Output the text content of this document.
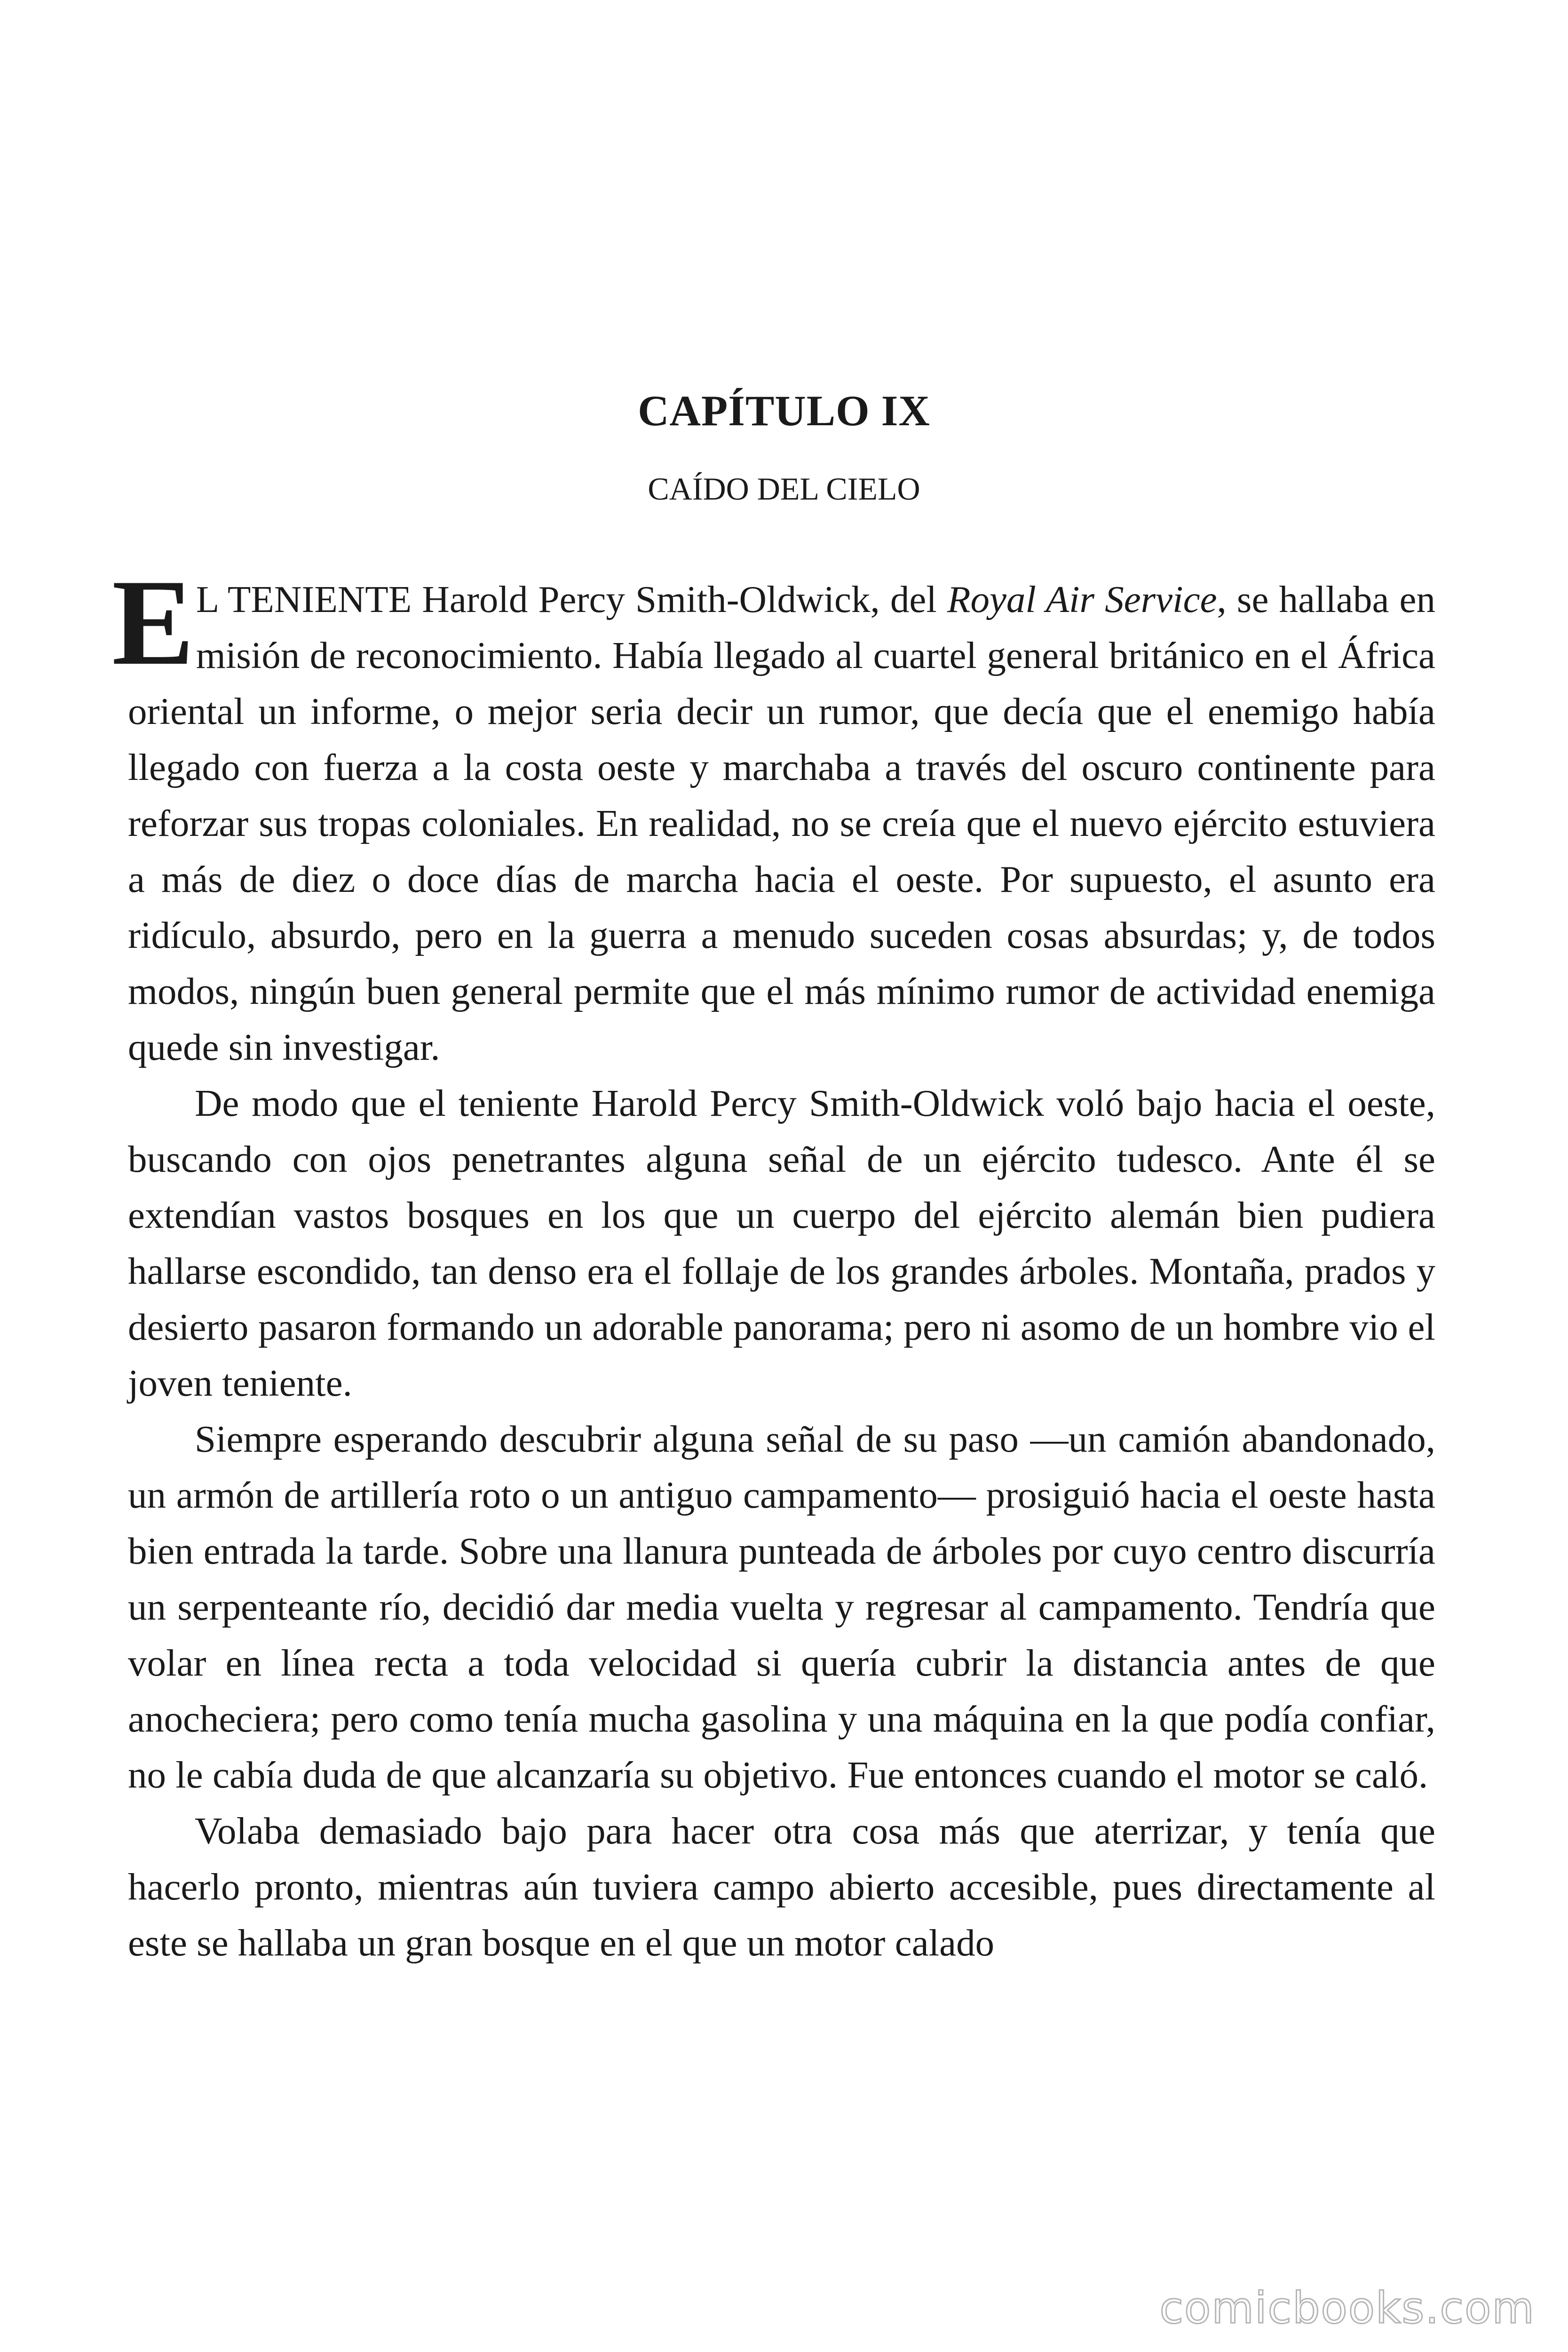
CAPÍTULO IX
CAÍDO DEL CIELO

E L TENIENTE Harold Percy Smith-Oldwick, del Royal Air Service, se hallaba en misión de reconocimiento. Había llegado al cuartel general británico en el África oriental un informe, o mejor seria decir un rumor, que decía que el enemigo había llegado con fuerza a la costa oeste y marchaba a través del oscuro continente para reforzar sus tropas coloniales. En realidad, no se creía que el nuevo ejército estuviera a más de diez o doce días de marcha hacia el oeste. Por supuesto, el asunto era ridículo, absurdo, pero en la guerra a menudo suceden cosas absurdas; y, de todos modos, ningún buen general permite que el más mínimo rumor de actividad enemiga quede sin investigar.

De modo que el teniente Harold Percy Smith-Oldwick voló bajo hacia el oeste, buscando con ojos penetrantes alguna señal de un ejército tudesco. Ante él se extendían vastos bosques en los que un cuerpo del ejército alemán bien pudiera hallarse escondido, tan denso era el follaje de los grandes árboles. Montaña, prados y desierto pasaron formando un adorable panorama; pero ni asomo de un hombre vio el joven teniente.

Siempre esperando descubrir alguna señal de su paso —un camión abandonado, un armón de artillería roto o un antiguo campamento— prosiguió hacia el oeste hasta bien entrada la tarde. Sobre una llanura punteada de árboles por cuyo centro discurría un serpenteante río, decidió dar media vuelta y regresar al campamento. Tendría que volar en línea recta a toda velocidad si quería cubrir la distancia antes de que anocheciera; pero como tenía mucha gasolina y una máquina en la que podía confiar, no le cabía duda de que alcanzaría su objetivo. Fue entonces cuando el motor se caló.

Volaba demasiado bajo para hacer otra cosa más que aterrizar, y tenía que hacerlo pronto, mientras aún tuviera campo abierto accesible, pues directamente al este se hallaba un gran bosque en el que un motor calado

comicbooks.com
